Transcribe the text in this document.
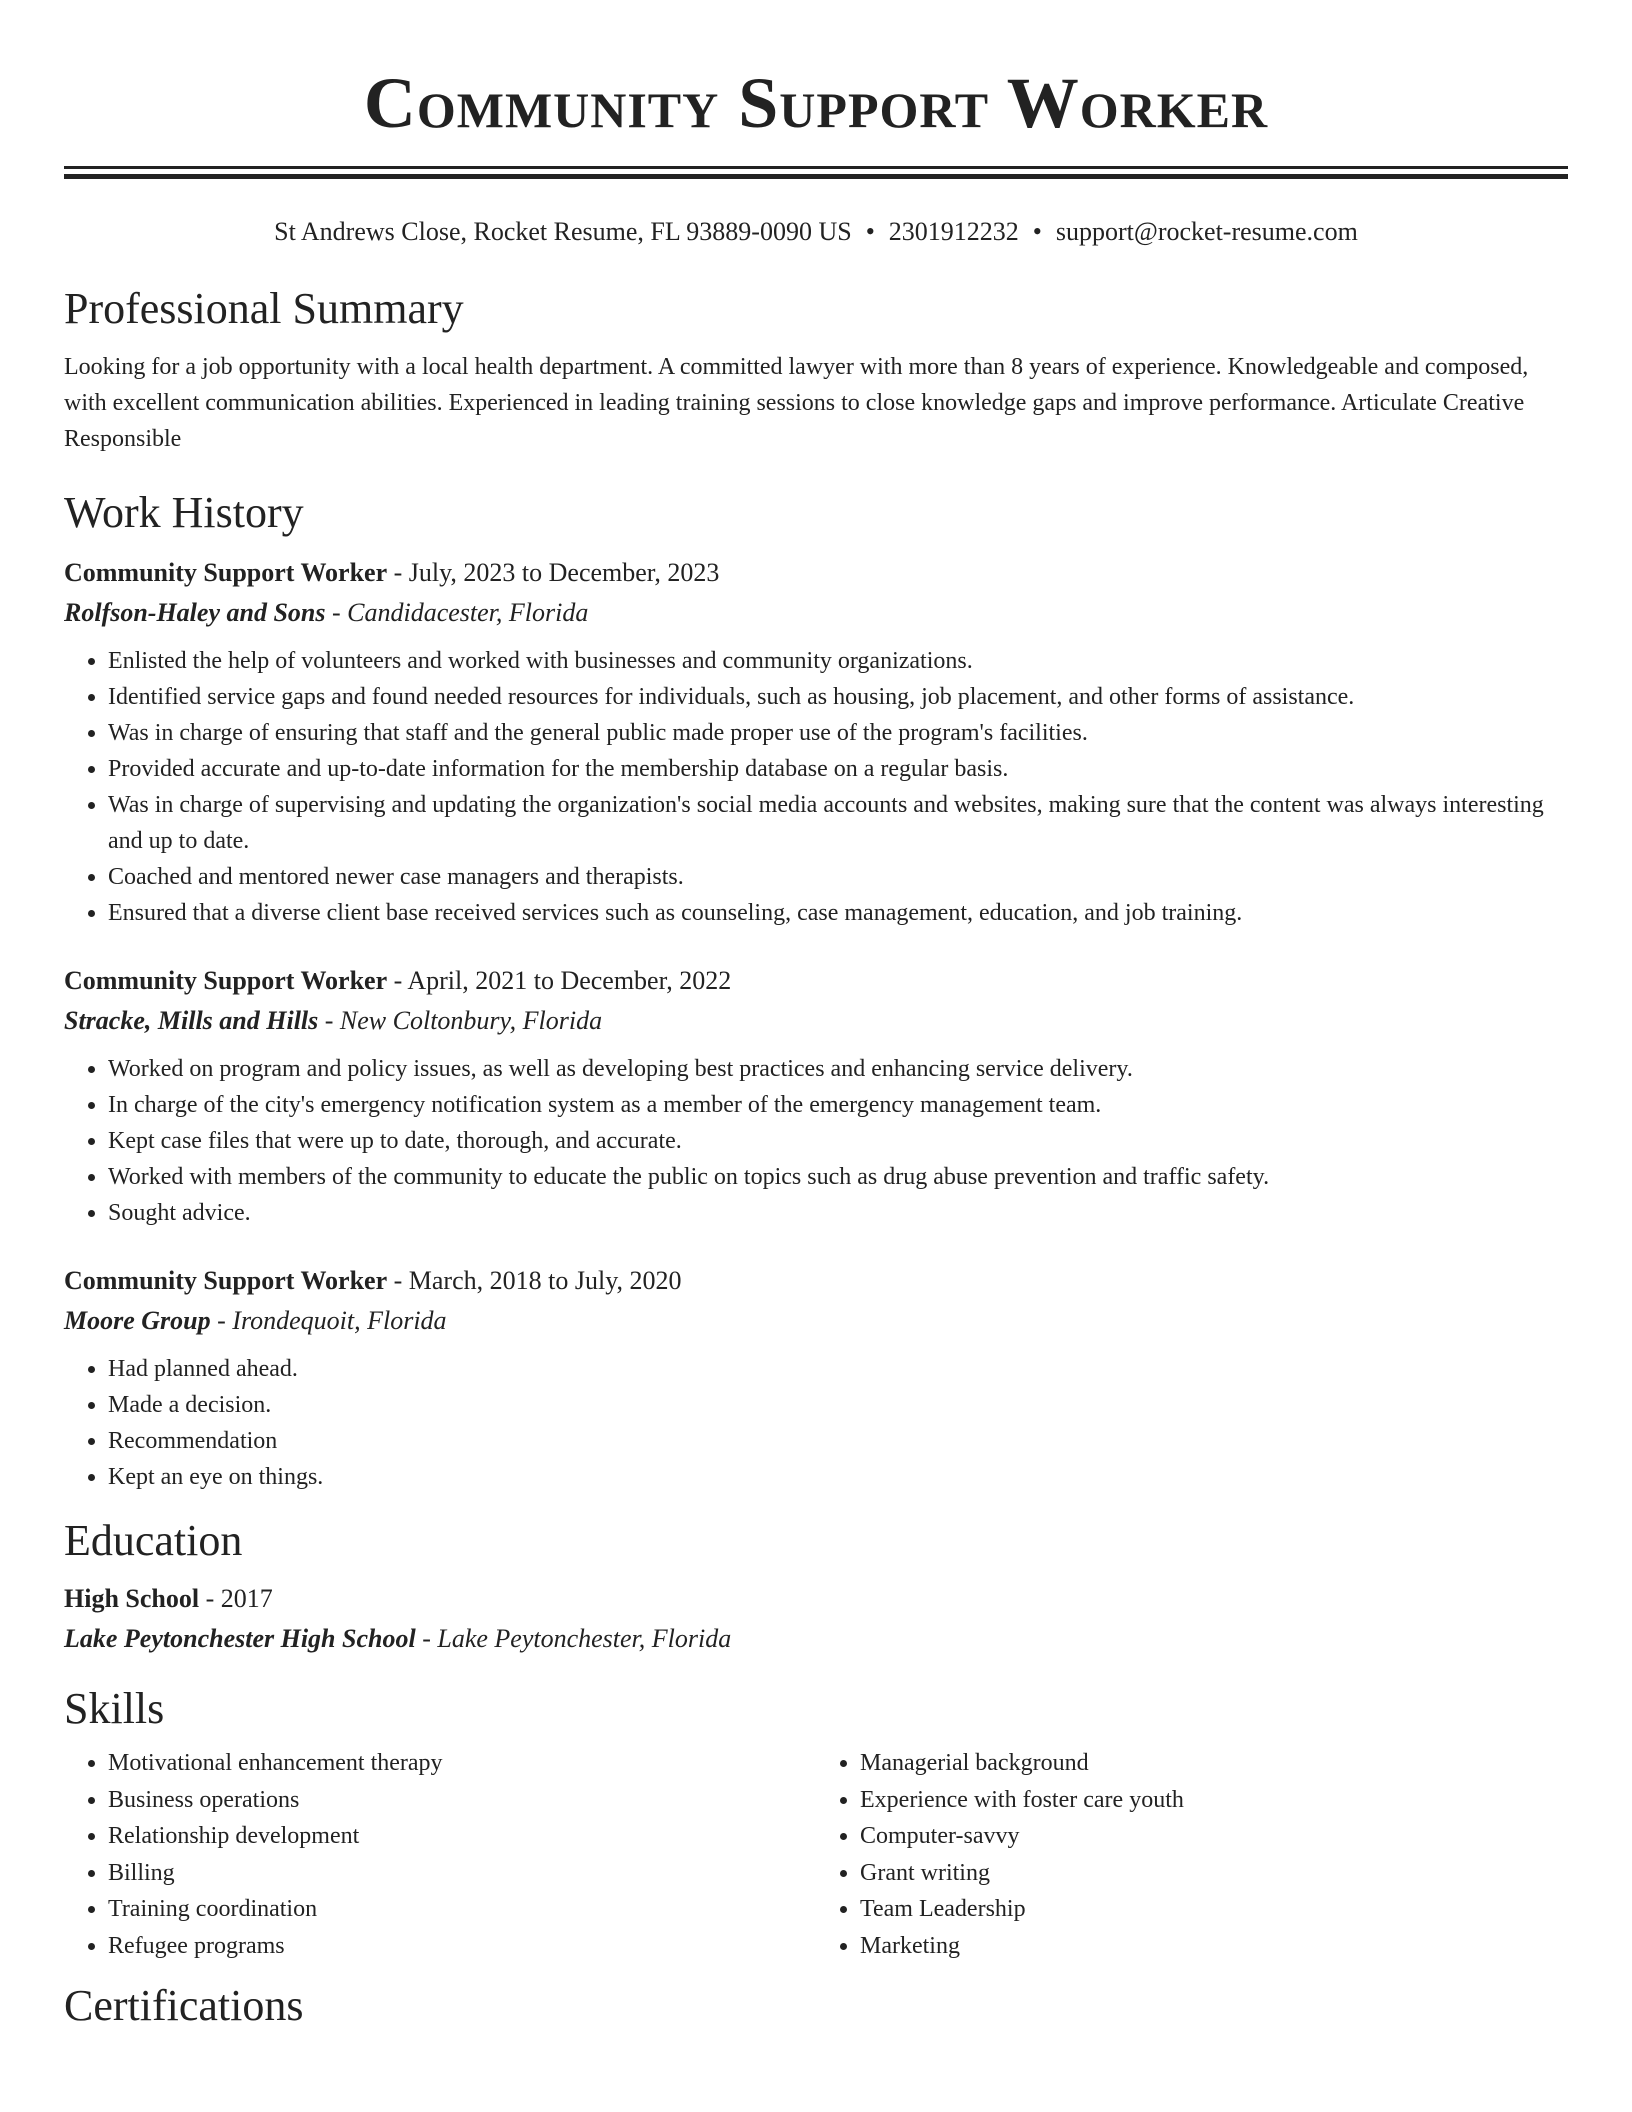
Community Support Worker
St Andrews Close, Rocket Resume, FL 93889-0090 US • 2301912232 • support@rocket-resume.com
Professional Summary
Looking for a job opportunity with a local health department. A committed lawyer with more than 8 years of experience. Knowledgeable and composed, with excellent communication abilities. Experienced in leading training sessions to close knowledge gaps and improve performance. Articulate Creative Responsible
Work History
Community Support Worker - July, 2023 to December, 2023
Rolfson-Haley and Sons - Candidacester, Florida
• Enlisted the help of volunteers and worked with businesses and community organizations.
• Identified service gaps and found needed resources for individuals, such as housing, job placement, and other forms of assistance.
• Was in charge of ensuring that staff and the general public made proper use of the program's facilities.
• Provided accurate and up-to-date information for the membership database on a regular basis.
• Was in charge of supervising and updating the organization's social media accounts and websites, making sure that the content was always interesting and up to date.
• Coached and mentored newer case managers and therapists.
• Ensured that a diverse client base received services such as counseling, case management, education, and job training.
Community Support Worker - April, 2021 to December, 2022
Stracke, Mills and Hills - New Coltonbury, Florida
• Worked on program and policy issues, as well as developing best practices and enhancing service delivery.
• In charge of the city's emergency notification system as a member of the emergency management team.
• Kept case files that were up to date, thorough, and accurate.
• Worked with members of the community to educate the public on topics such as drug abuse prevention and traffic safety.
• Sought advice.
Community Support Worker - March, 2018 to July, 2020
Moore Group - Irondequoit, Florida
• Had planned ahead.
• Made a decision.
• Recommendation
• Kept an eye on things.
Education
High School - 2017
Lake Peytonchester High School - Lake Peytonchester, Florida
Skills
• Motivational enhancement therapy
• Business operations
• Relationship development
• Billing
• Training coordination
• Refugee programs
• Managerial background
• Experience with foster care youth
• Computer-savvy
• Grant writing
• Team Leadership
• Marketing
Certifications
